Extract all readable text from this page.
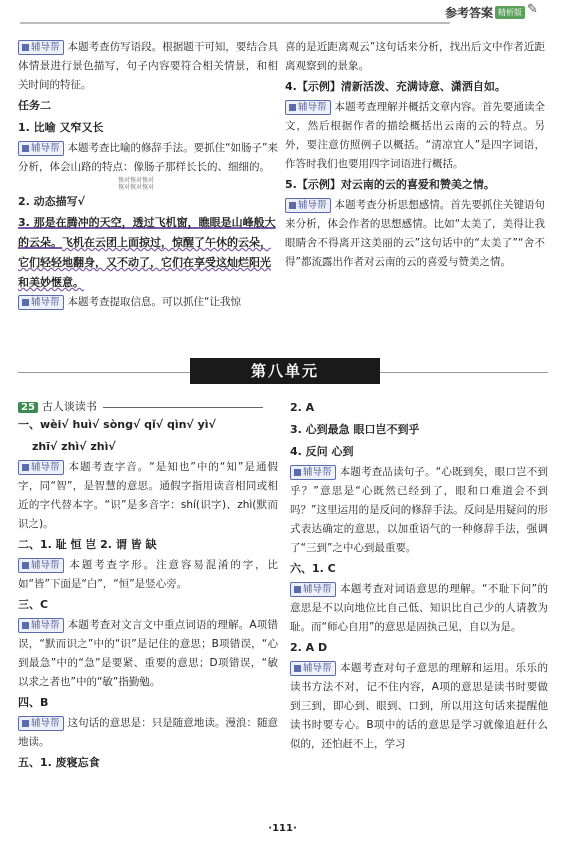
参考答案 精析版 ✎

辅导帮 本题考查仿写语段。根据题干可知，要结合具体情景进行景色描写，句子内容要符合相关情景，和相关时间的特征。

任务二
1. 比喻 又窄又长

辅导帮 本题考查比喻的修辞手法。要抓住“如肠子”来分析，体会山路的特点：像肠子那样长长的、细细的。

恢对恢对恢对
恢对恢对恢对
2. 动态描写√
3. 那是在腾冲的天空，透过飞机窗，瞧眼是山峰般大的云朵。飞机在云团上面掠过，惊醒了午休的云朵，它们轻轻地翻身，又不动了，它们在享受这灿烂阳光和美妙惬意。

辅导帮 本题考查提取信息。可以抓住“让我惊

喜的是近距离观云”这句话来分析，找出后文中作者近距离观察到的景象。

4.【示例】清新活泼、充满诗意、潇洒自如。

辅导帮 本题考查理解并概括文章内容。首先要通读全文，然后根据作者的描绘概括出云南的云的特点。另外，要注意仿照例子以概括。“清凉宜人”是四字词语，作答时我们也要用四字词语进行概括。

5.【示例】对云南的云的喜爱和赞美之情。

辅导帮 本题考查分析思想感情。首先要抓住关键语句来分析，体会作者的思想感情。比如“太美了，美得让我眼睛舍不得离开这美丽的云”这句话中的“太美了”“舍不得”都流露出作者对云南的云的喜爱与赞美之情。

第八单元
25 古人谈读书
一、wèi√ huì√ sòng√ qǐ√ qìn√ yì√
zhī√ zhì√ zhì√

辅导帮 本题考查字音。“是知也”中的“知”是通假字，同“智”，是智慧的意思。通假字指用读音相同或相近的字代替本字。“识”是多音字：shí(识字)、zhì(默而识之)。

二、1. 耻 恒 岂 2. 谓 皆 缺

辅导帮 本题考查字形。注意容易混淆的字，比如“皆”下面是“白”，“恒”是竖心旁。

三、C

辅导帮 本题考查对文言文中重点词语的理解。A项错误，“默而识之”中的“识”是记住的意思；B项错误，“心到最急”中的“急”是要紧、重要的意思；D项错误，“敏以求之者也”中的“敏”指勤勉。

四、B

辅导帮 这句话的意思是：只是随意地读。漫浪：随意地读。

五、1. 废寝忘食
2. A
3. 心到最急 眼口岂不到乎
4. 反问 心到

辅导帮 本题考查品读句子。“心既到矣，眼口岂不到乎？”意思是“心既然已经到了，眼和口难道会不到吗？”这里运用的是反问的修辞手法。反问是用疑问的形式表达确定的意思，以加重语气的一种修辞手法，强调了“三到”之中心到最重要。

六、1. C

辅导帮 本题考查对词语意思的理解。“不耻下问”的意思是不以向地位比自己低、知识比自己少的人请教为耻。而“师心自用”的意思是固执己见，自以为是。

2. A D

辅导帮 本题考查对句子意思的理解和运用。乐乐的读书方法不对，记不住内容，A项的意思是读书时要做到三到，即心到、眼到、口到，所以用这句话来提醒他读书时要专心。B项中的话的意思是学习就像追赶什么似的，还怕赶不上，学习

·111·
